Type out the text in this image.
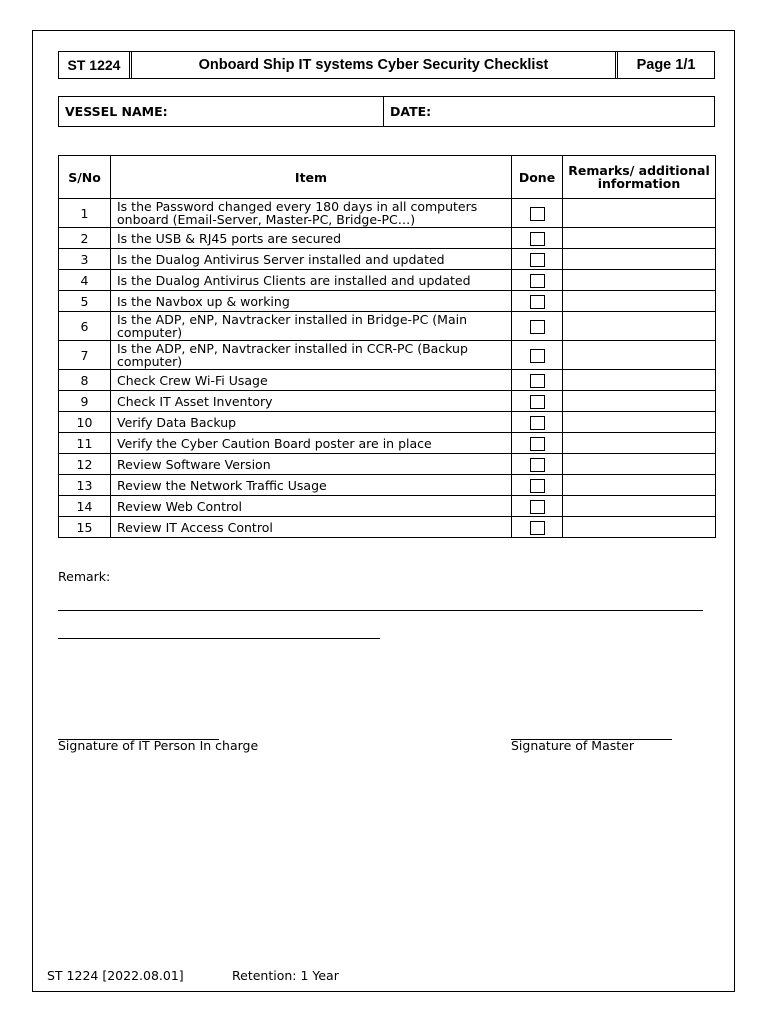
ST 1224	Onboard Ship IT systems Cyber Security Checklist	Page 1/1
VESSEL NAME:	DATE:
S/No	Item	Done	Remarks/ additional information
1	Is the Password changed every 180 days in all computers onboard (Email-Server, Master-PC, Bridge-PC…)		
2	Is the USB & RJ45 ports are secured		
3	Is the Dualog Antivirus Server installed and updated		
4	Is the Dualog Antivirus Clients are installed and updated		
5	Is the Navbox up & working		
6	Is the ADP, eNP, Navtracker installed in Bridge-PC (Main computer)		
7	Is the ADP, eNP, Navtracker installed in CCR-PC (Backup computer)		
8	Check Crew Wi-Fi Usage		
9	Check IT Asset Inventory		
10	Verify Data Backup		
11	Verify the Cyber Caution Board poster are in place		
12	Review Software Version		
13	Review the Network Traffic Usage		
14	Review Web Control		
15	Review IT Access Control		
Remark:
Signature of IT Person In charge	Signature of Master
ST 1224 [2022.08.01]	Retention: 1 Year
